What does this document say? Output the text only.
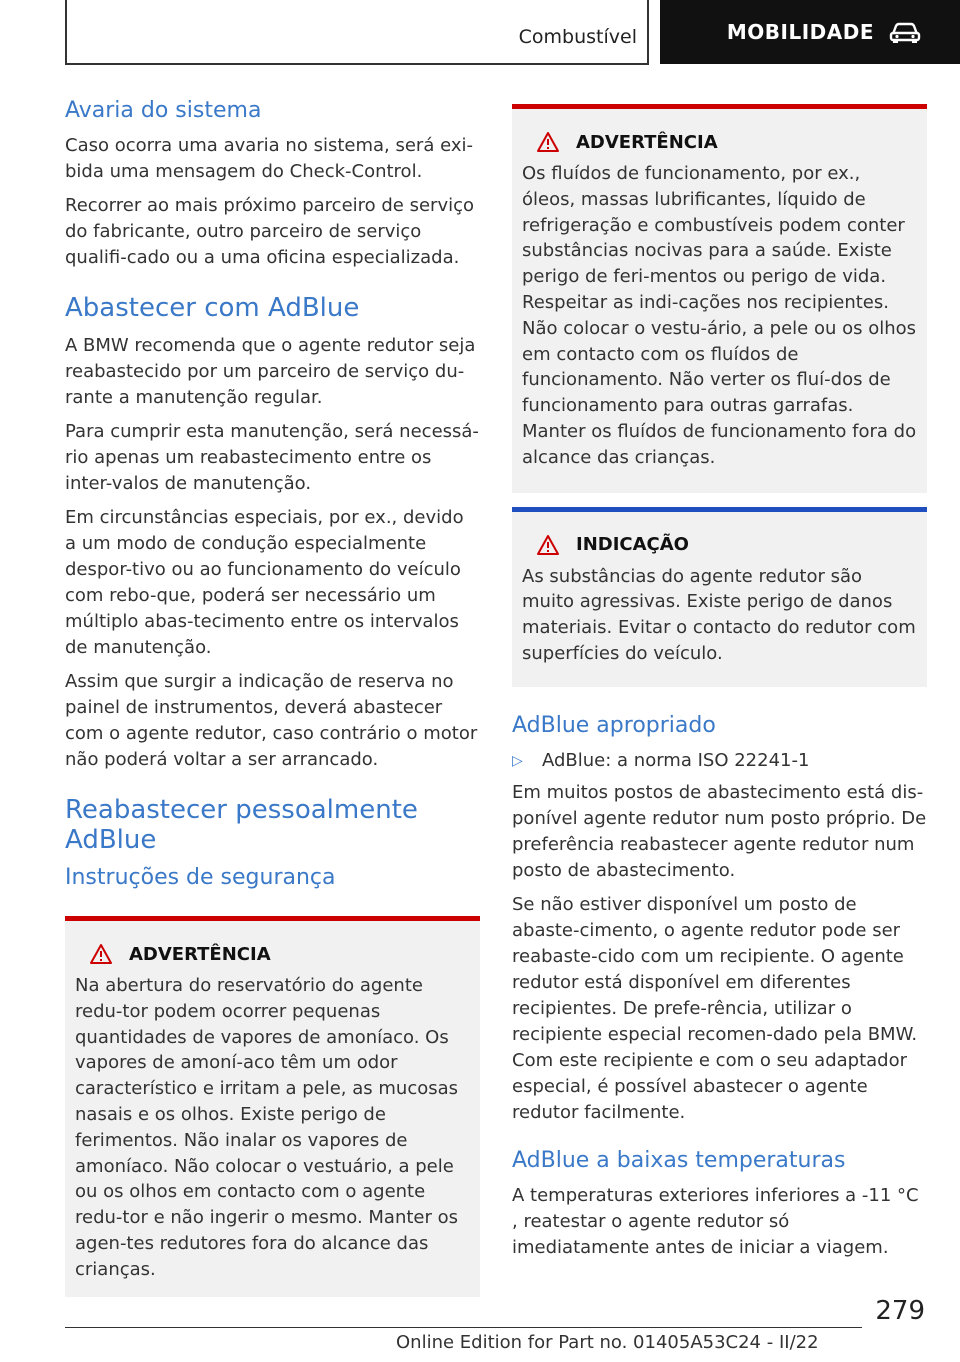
Combustível	MOBILIDADE
Avaria do sistema

Caso ocorra uma avaria no sistema, será exi-bida uma mensagem do Check-Control.

Recorrer ao mais próximo parceiro de serviço do fabricante, outro parceiro de serviço qualifi-cado ou a uma oficina especializada.

Abastecer com AdBlue

A BMW recomenda que o agente redutor seja reabastecido por um parceiro de serviço du-rante a manutenção regular.

Para cumprir esta manutenção, será necessá-rio apenas um reabastecimento entre os inter-valos de manutenção.

Em circunstâncias especiais, por ex., devido a um modo de condução especialmente despor-tivo ou ao funcionamento do veículo com rebo-que, poderá ser necessário um múltiplo abas-tecimento entre os intervalos de manutenção.

Assim que surgir a indicação de reserva no painel de instrumentos, deverá abastecer com o agente redutor, caso contrário o motor não poderá voltar a ser arrancado.

Reabastecer pessoalmente AdBlue
Instruções de segurança
ADVERTÊNCIA

Na abertura do reservatório do agente redu-tor podem ocorrer pequenas quantidades de vapores de amoníaco. Os vapores de amoní-aco têm um odor característico e irritam a pele, as mucosas nasais e os olhos. Existe perigo de ferimentos. Não inalar os vapores de amoníaco. Não colocar o vestuário, a pele ou os olhos em contacto com o agente redu-tor e não ingerir o mesmo. Manter os agen-tes redutores fora do alcance das crianças.

ADVERTÊNCIA

Os fluídos de funcionamento, por ex., óleos, massas lubrificantes, líquido de refrigeração e combustíveis podem conter substâncias nocivas para a saúde. Existe perigo de feri-mentos ou perigo de vida. Respeitar as indi-cações nos recipientes. Não colocar o vestu-ário, a pele ou os olhos em contacto com os fluídos de funcionamento. Não verter os fluí-dos de funcionamento para outras garrafas. Manter os fluídos de funcionamento fora do alcance das crianças.

INDICAÇÃO

As substâncias do agente redutor são muito agressivas. Existe perigo de danos materiais. Evitar o contacto do redutor com superfícies do veículo.

AdBlue apropriado
▷	AdBlue: a norma ISO 22241-1

Em muitos postos de abastecimento está dis-ponível agente redutor num posto próprio. De preferência reabastecer agente redutor num posto de abastecimento.

Se não estiver disponível um posto de abaste-cimento, o agente redutor pode ser reabaste-cido com um recipiente. O agente redutor está disponível em diferentes recipientes. De prefe-rência, utilizar o recipiente especial recomen-dado pela BMW. Com este recipiente e com o seu adaptador especial, é possível abastecer o agente redutor facilmente.

AdBlue a baixas temperaturas

A temperaturas exteriores inferiores a -11 °C , reatestar o agente redutor só imediatamente antes de iniciar a viagem.

279
Online Edition for Part no. 01405A53C24 - II/22
